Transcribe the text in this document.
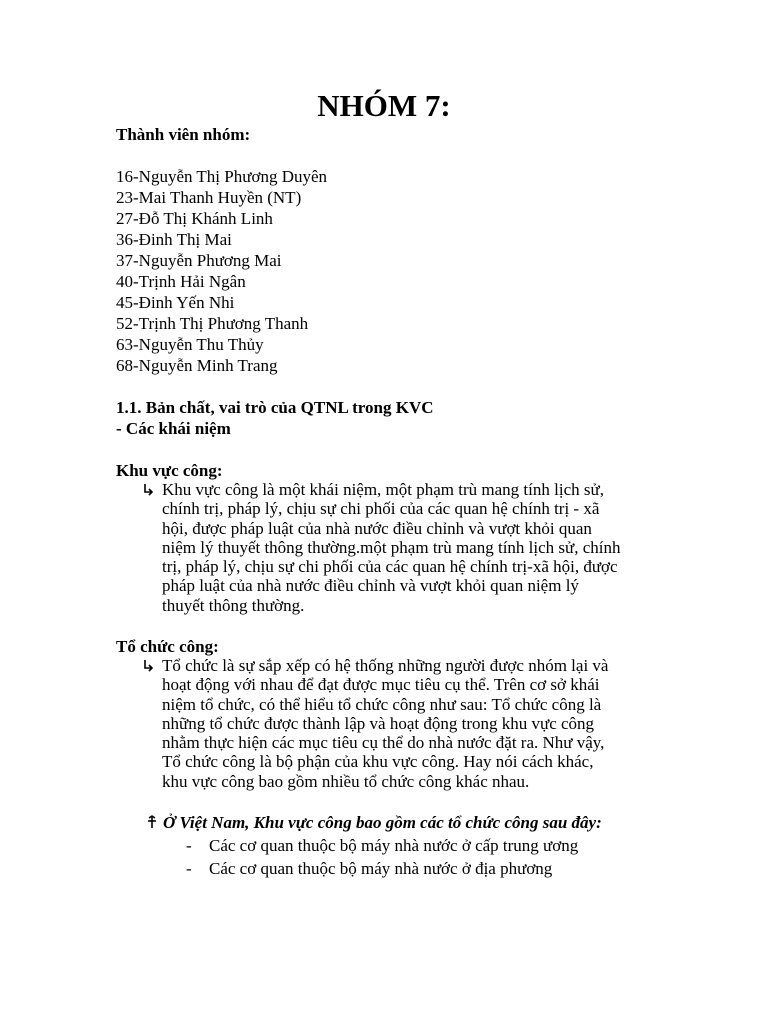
NHÓM 7:
Thành viên nhóm:
16-Nguyễn Thị Phương Duyên
23-Mai Thanh Huyền (NT)
27-Đỗ Thị Khánh Linh
36-Đinh Thị Mai
37-Nguyễn Phương Mai
40-Trịnh Hải Ngân
45-Đinh Yến Nhi
52-Trịnh Thị Phương Thanh
63-Nguyễn Thu Thủy
68-Nguyễn Minh Trang
1.1. Bản chất, vai trò của QTNL trong KVC
- Các khái niệm
Khu vực công:
Khu vực công là một khái niệm, một phạm trù mang tính lịch sử,
chính trị, pháp lý, chịu sự chi phối của các quan hệ chính trị - xã
hội, được pháp luật của nhà nước điều chỉnh và vượt khỏi quan
niệm lý thuyết thông thường.một phạm trù mang tính lịch sử, chính
trị, pháp lý, chịu sự chi phối của các quan hệ chính trị-xã hội, được
pháp luật của nhà nước điều chỉnh và vượt khỏi quan niệm lý
thuyết thông thường.
Tổ chức công:
Tổ chức là sự sắp xếp có hệ thống những người được nhóm lại và
hoạt động với nhau để đạt được mục tiêu cụ thể. Trên cơ sở khái
niệm tổ chức, có thể hiểu tổ chức công như sau: Tổ chức công là
những tổ chức được thành lập và hoạt động trong khu vực công
nhằm thực hiện các mục tiêu cụ thể do nhà nước đặt ra. Như vậy,
Tổ chức công là bộ phận của khu vực công. Hay nói cách khác,
khu vực công bao gồm nhiều tổ chức công khác nhau.
Ở Việt Nam, Khu vực công bao gồm các tổ chức công sau đây:
- Các cơ quan thuộc bộ máy nhà nước ở cấp trung ương
- Các cơ quan thuộc bộ máy nhà nước ở địa phương
